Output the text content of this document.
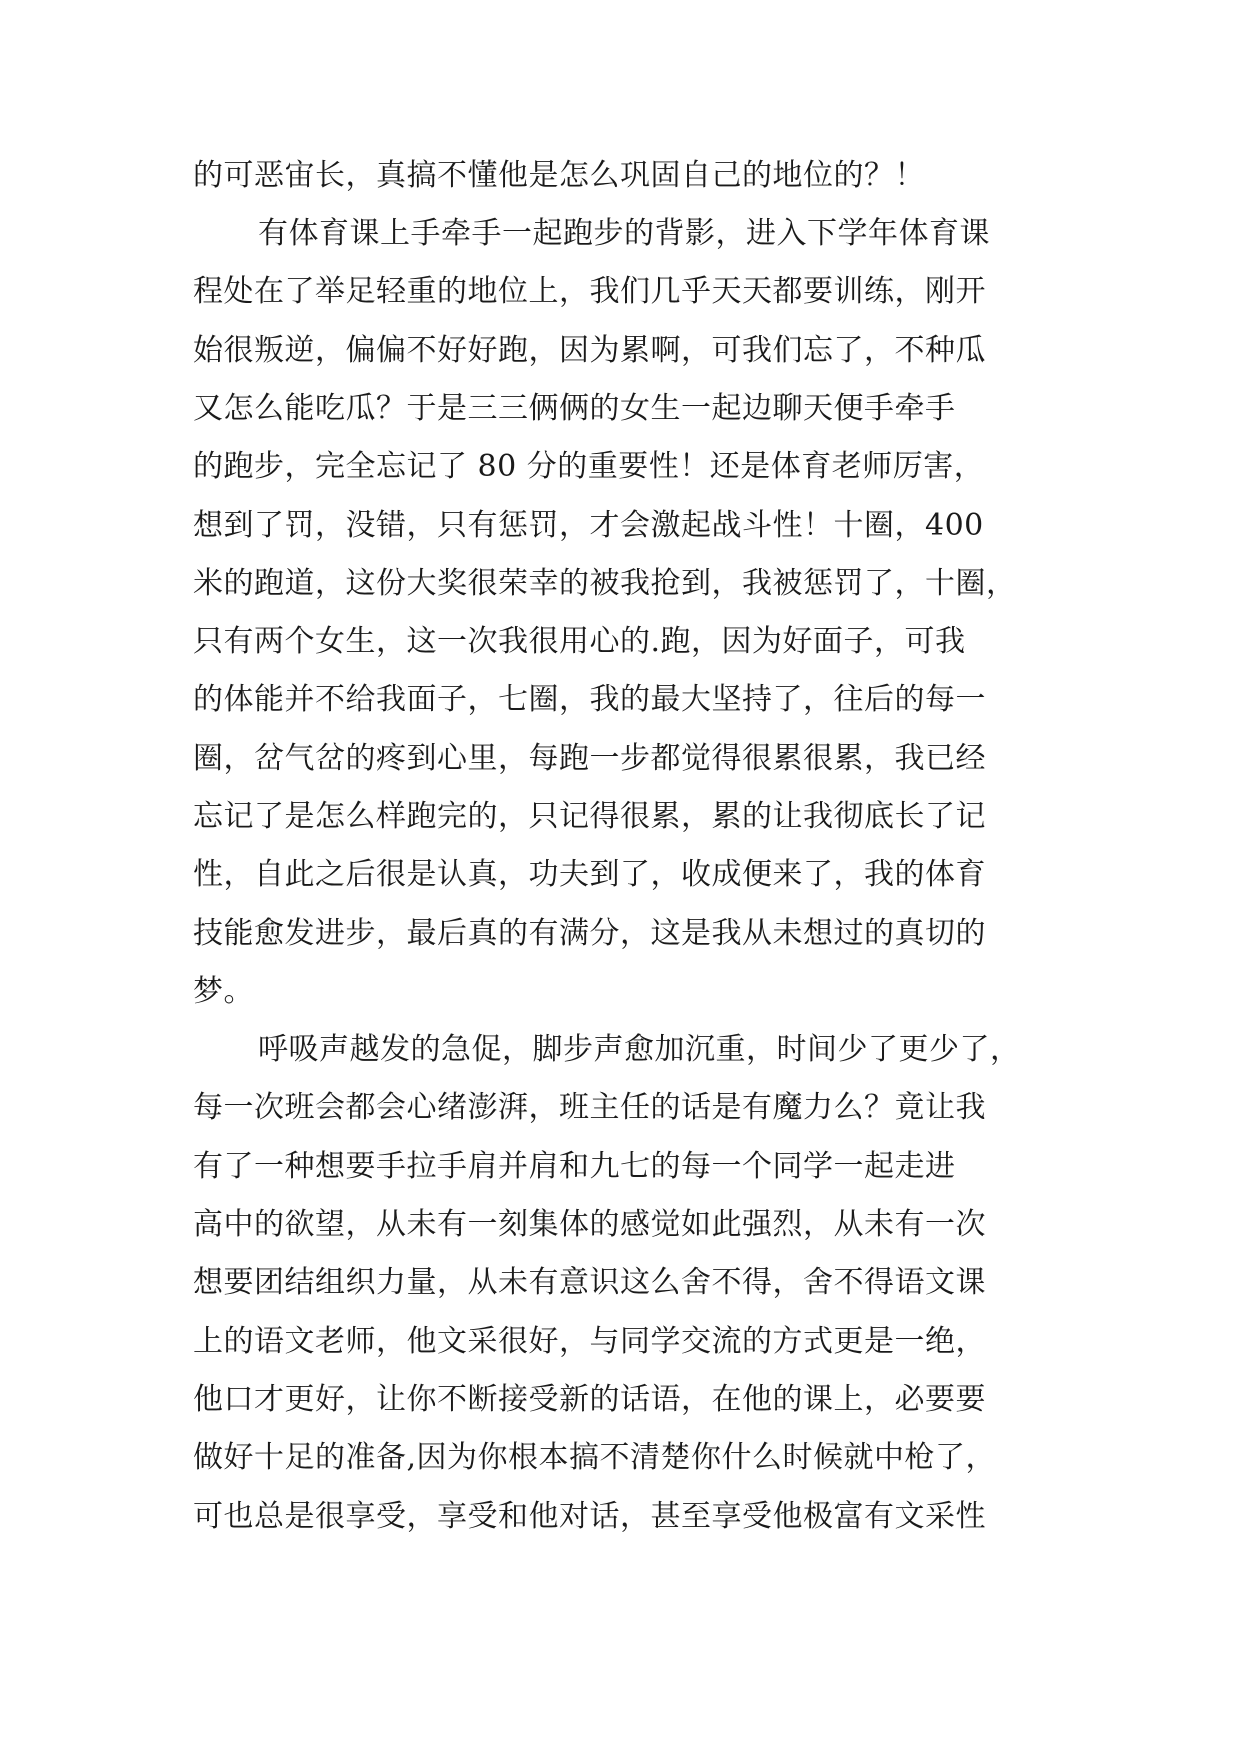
的可恶宙长，真搞不懂他是怎么巩固自己的地位的？！
有体育课上手牵手一起跑步的背影，进入下学年体育课
程处在了举足轻重的地位上，我们几乎天天都要训练，刚开
始很叛逆，偏偏不好好跑，因为累啊，可我们忘了，不种瓜
又怎么能吃瓜？于是三三俩俩的女生一起边聊天便手牵手
的跑步，完全忘记了 80 分的重要性！还是体育老师厉害，
想到了罚，没错，只有惩罚，才会激起战斗性！十圈，400
米的跑道，这份大奖很荣幸的被我抢到，我被惩罚了，十圈，
只有两个女生，这一次我很用心的.跑，因为好面子，可我
的体能并不给我面子，七圈，我的最大坚持了，往后的每一
圈，岔气岔的疼到心里，每跑一步都觉得很累很累，我已经
忘记了是怎么样跑完的，只记得很累，累的让我彻底长了记
性，自此之后很是认真，功夫到了，收成便来了，我的体育
技能愈发进步，最后真的有满分，这是我从未想过的真切的
梦。
呼吸声越发的急促，脚步声愈加沉重，时间少了更少了，
每一次班会都会心绪澎湃，班主任的话是有魔力么？竟让我
有了一种想要手拉手肩并肩和九七的每一个同学一起走进
高中的欲望，从未有一刻集体的感觉如此强烈，从未有一次
想要团结组织力量，从未有意识这么舍不得，舍不得语文课
上的语文老师，他文采很好，与同学交流的方式更是一绝，
他口才更好，让你不断接受新的话语，在他的课上，必要要
做好十足的准备,因为你根本搞不清楚你什么时候就中枪了，
可也总是很享受，享受和他对话，甚至享受他极富有文采性
